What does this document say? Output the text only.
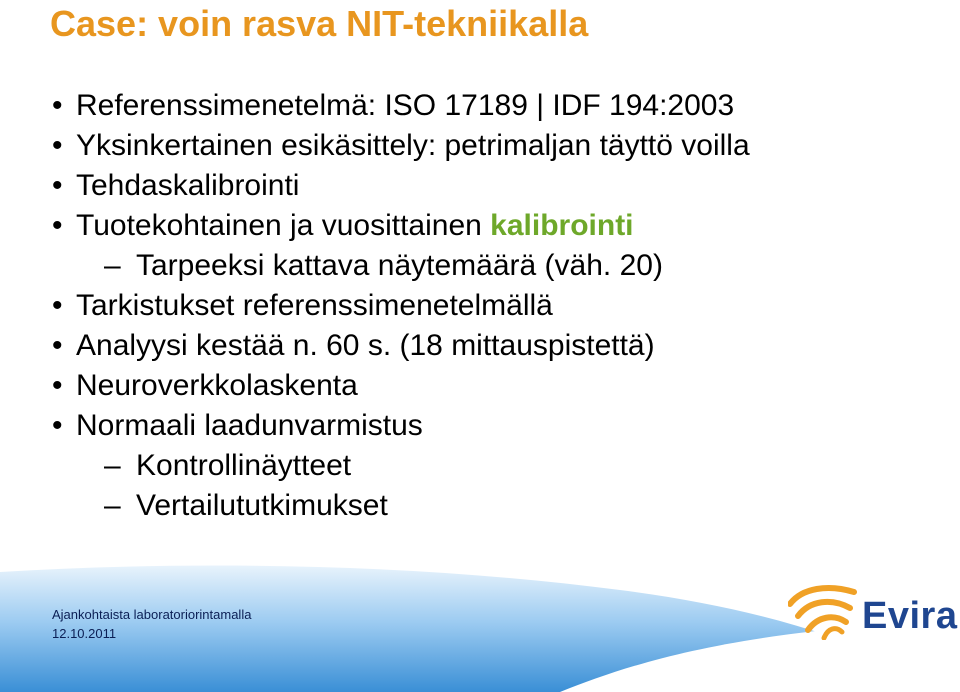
Case: voin rasva NIT-tekniikalla
• Referenssimenetelmä: ISO 17189 | IDF 194:2003
• Yksinkertainen esikäsittely: petrimaljan täyttö voilla
• Tehdaskalibrointi
• Tuotekohtainen ja vuosittainen kalibrointi
– Tarpeeksi kattava näytemäärä (väh. 20)
• Tarkistukset referenssimenetelmällä
• Analyysi kestää n. 60 s. (18 mittauspistettä)
• Neuroverkkolaskenta
• Normaali laadunvarmistus
– Kontrollinäytteet
– Vertailututkimukset
Ajankohtaista laboratoriorintamalla
12.10.2011	Evira
